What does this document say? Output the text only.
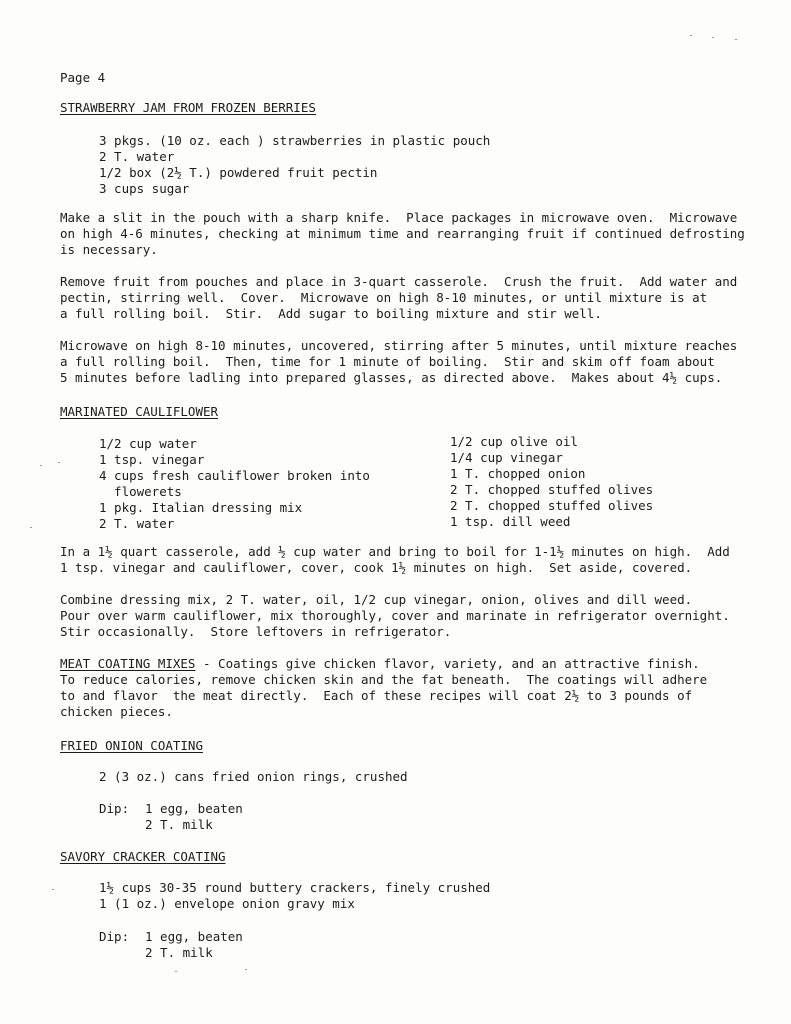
Page 4
STRAWBERRY JAM FROM FROZEN BERRIES
3 pkgs. (10 oz. each ) strawberries in plastic pouch
2 T. water
1/2 box (2½ T.) powdered fruit pectin
3 cups sugar
Make a slit in the pouch with a sharp knife.  Place packages in microwave oven.  Microwave
on high 4-6 minutes, checking at minimum time and rearranging fruit if continued defrosting
is necessary.
Remove fruit from pouches and place in 3-quart casserole.  Crush the fruit.  Add water and
pectin, stirring well.  Cover.  Microwave on high 8-10 minutes, or until mixture is at
a full rolling boil.  Stir.  Add sugar to boiling mixture and stir well.
Microwave on high 8-10 minutes, uncovered, stirring after 5 minutes, until mixture reaches
a full rolling boil.  Then, time for 1 minute of boiling.  Stir and skim off foam about
5 minutes before ladling into prepared glasses, as directed above.  Makes about 4½ cups.
MARINATED CAULIFLOWER
1/2 cup water
1 tsp. vinegar
4 cups fresh cauliflower broken into
flowerets
1 pkg. Italian dressing mix
2 T. water
1/2 cup olive oil
1/4 cup vinegar
1 T. chopped onion
2 T. chopped stuffed olives
2 T. chopped stuffed olives
1 tsp. dill weed
In a 1½ quart casserole, add ½ cup water and bring to boil for 1-1½ minutes on high.  Add
1 tsp. vinegar and cauliflower, cover, cook 1½ minutes on high.  Set aside, covered.
Combine dressing mix, 2 T. water, oil, 1/2 cup vinegar, onion, olives and dill weed.
Pour over warm cauliflower, mix thoroughly, cover and marinate in refrigerator overnight.
Stir occasionally.  Store leftovers in refrigerator.
MEAT COATING MIXES - Coatings give chicken flavor, variety, and an attractive finish.
To reduce calories, remove chicken skin and the fat beneath.  The coatings will adhere
to and flavor  the meat directly.  Each of these recipes will coat 2½ to 3 pounds of
chicken pieces.
FRIED ONION COATING
2 (3 oz.) cans fried onion rings, crushed
Dip: 1 egg, beaten
2 T. milk
SAVORY CRACKER COATING
1½ cups 30-35 round buttery crackers, finely crushed
1 (1 oz.) envelope onion gravy mix
Dip: 1 egg, beaten
2 T. milk
